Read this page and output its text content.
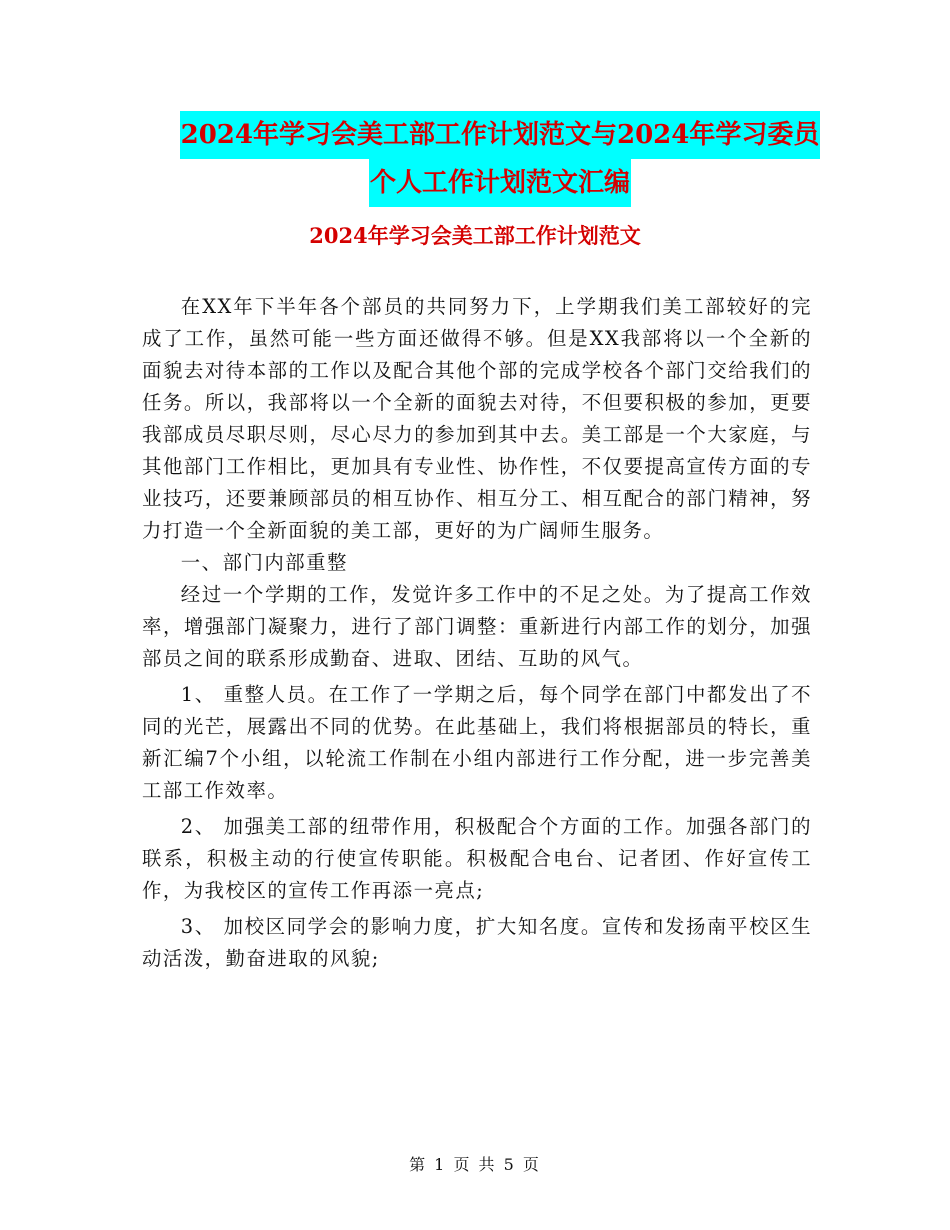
2024年学习会美工部工作计划范文与2024年学习委员
个人工作计划范文汇编
2024年学习会美工部工作计划范文

在XX年下半年各个部员的共同努力下，上学期我们美工部较好的完成了工作，虽然可能一些方面还做得不够。但是XX我部将以一个全新的面貌去对待本部的工作以及配合其他个部的完成学校各个部门交给我们的任务。所以，我部将以一个全新的面貌去对待，不但要积极的参加，更要我部成员尽职尽则，尽心尽力的参加到其中去。美工部是一个大家庭，与其他部门工作相比，更加具有专业性、协作性，不仅要提高宣传方面的专业技巧，还要兼顾部员的相互协作、相互分工、相互配合的部门精神，努力打造一个全新面貌的美工部，更好的为广阔师生服务。

一、部门内部重整

经过一个学期的工作，发觉许多工作中的不足之处。为了提高工作效率，增强部门凝聚力，进行了部门调整：重新进行内部工作的划分，加强部员之间的联系形成勤奋、进取、团结、互助的风气。

1、 重整人员。在工作了一学期之后，每个同学在部门中都发出了不同的光芒，展露出不同的优势。在此基础上，我们将根据部员的特长，重新汇编7个小组，以轮流工作制在小组内部进行工作分配，进一步完善美工部工作效率。

2、 加强美工部的纽带作用，积极配合个方面的工作。加强各部门的联系，积极主动的行使宣传职能。积极配合电台、记者团、作好宣传工作，为我校区的宣传工作再添一亮点;

3、 加校区同学会的影响力度，扩大知名度。宣传和发扬南平校区生动活泼，勤奋进取的风貌;

第 1 页 共 5 页
